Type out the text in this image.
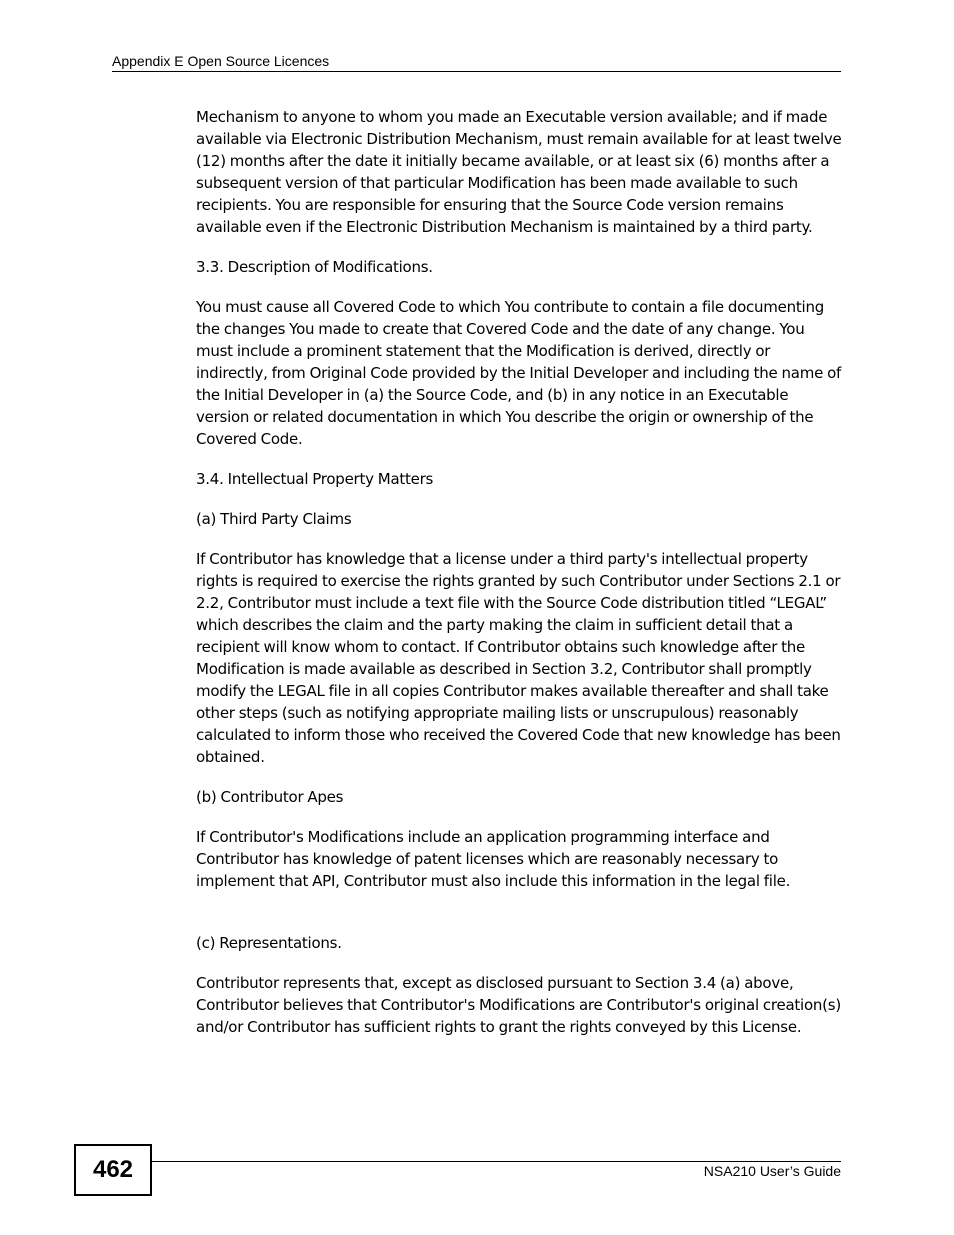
Appendix E Open Source Licences

Mechanism to anyone to whom you made an Executable version available; and if made available via Electronic Distribution Mechanism, must remain available for at least twelve (12) months after the date it initially became available, or at least six (6) months after a subsequent version of that particular Modification has been made available to such recipients. You are responsible for ensuring that the Source Code version remains available even if the Electronic Distribution Mechanism is maintained by a third party.

3.3. Description of Modifications.

You must cause all Covered Code to which You contribute to contain a file documenting the changes You made to create that Covered Code and the date of any change. You must include a prominent statement that the Modification is derived, directly or indirectly, from Original Code provided by the Initial Developer and including the name of the Initial Developer in (a) the Source Code, and (b) in any notice in an Executable version or related documentation in which You describe the origin or ownership of the Covered Code.

3.4. Intellectual Property Matters

(a) Third Party Claims

If Contributor has knowledge that a license under a third party's intellectual property rights is required to exercise the rights granted by such Contributor under Sections 2.1 or 2.2, Contributor must include a text file with the Source Code distribution titled “LEGAL” which describes the claim and the party making the claim in sufficient detail that a recipient will know whom to contact. If Contributor obtains such knowledge after the Modification is made available as described in Section 3.2, Contributor shall promptly modify the LEGAL file in all copies Contributor makes available thereafter and shall take other steps (such as notifying appropriate mailing lists or unscrupulous) reasonably calculated to inform those who received the Covered Code that new knowledge has been obtained.

(b) Contributor Apes

If Contributor's Modifications include an application programming interface and Contributor has knowledge of patent licenses which are reasonably necessary to implement that API, Contributor must also include this information in the legal file.

(c) Representations.

Contributor represents that, except as disclosed pursuant to Section 3.4 (a) above, Contributor believes that Contributor's Modifications are Contributor's original creation(s) and/or Contributor has sufficient rights to grant the rights conveyed by this License.

462	NSA210 User’s Guide
